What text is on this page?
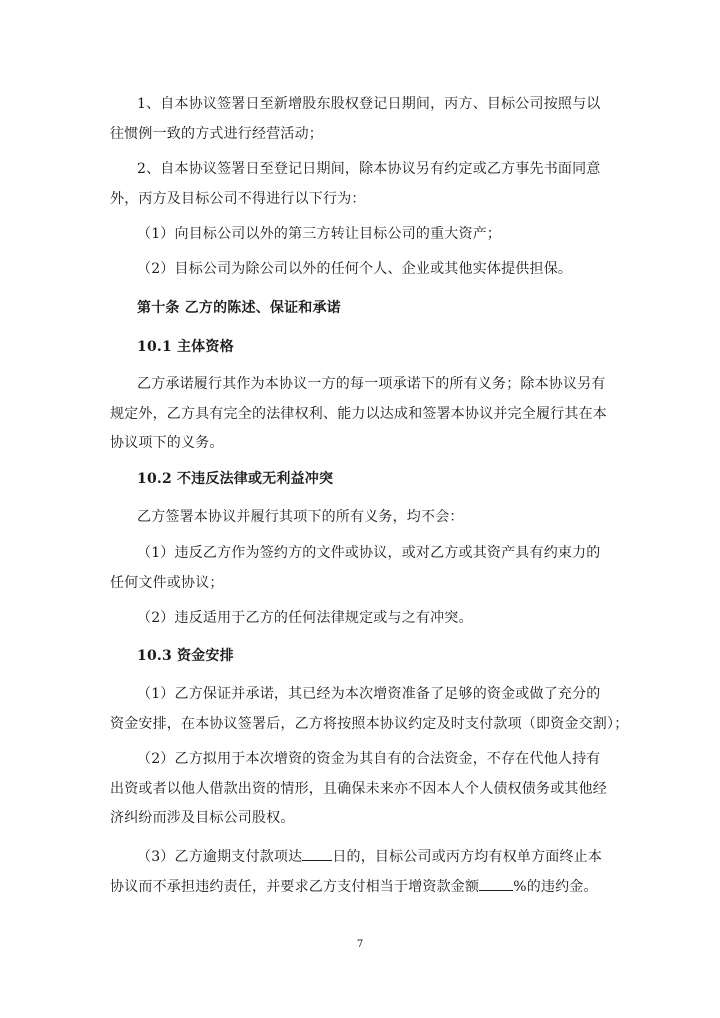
1、自本协议签署日至新增股东股权登记日期间，丙方、目标公司按照与以
往惯例一致的方式进行经营活动；
2、自本协议签署日至登记日期间，除本协议另有约定或乙方事先书面同意
外，丙方及目标公司不得进行以下行为：
（1）向目标公司以外的第三方转让目标公司的重大资产；
（2）目标公司为除公司以外的任何个人、企业或其他实体提供担保。
第十条 乙方的陈述、保证和承诺
10.1 主体资格
乙方承诺履行其作为本协议一方的每一项承诺下的所有义务；除本协议另有
规定外，乙方具有完全的法律权利、能力以达成和签署本协议并完全履行其在本
协议项下的义务。
10.2 不违反法律或无利益冲突
乙方签署本协议并履行其项下的所有义务，均不会：
（1）违反乙方作为签约方的文件或协议，或对乙方或其资产具有约束力的
任何文件或协议；
（2）违反适用于乙方的任何法律规定或与之有冲突。
10.3 资金安排
（1）乙方保证并承诺，其已经为本次增资准备了足够的资金或做了充分的
资金安排，在本协议签署后，乙方将按照本协议约定及时支付款项（即资金交割）；
（2）乙方拟用于本次增资的资金为其自有的合法资金，不存在代他人持有
出资或者以他人借款出资的情形，且确保未来亦不因本人个人债权债务或其他经
济纠纷而涉及目标公司股权。
（3）乙方逾期支付款项达 日的，目标公司或丙方均有权单方面终止本
协议而不承担违约责任，并要求乙方支付相当于增资款金额 %的违约金。
7
